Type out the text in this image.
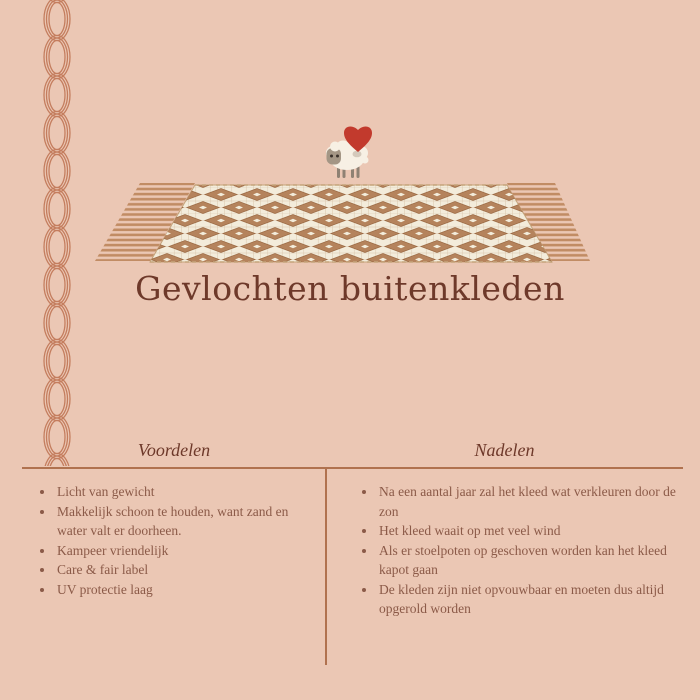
Gevlochten buitenkleden
Voordelen	Nadelen
• Licht van gewicht
• Makkelijk schoon te houden, want zand en water valt er doorheen.
• Kampeer vriendelijk
• Care & fair label
• UV protectie laag
• Na een aantal jaar zal het kleed wat verkleuren door de zon
• Het kleed waait op met veel wind
• Als er stoelpoten op geschoven worden kan het kleed kapot gaan
• De kleden zijn niet opvouwbaar en moeten dus altijd opgerold worden
